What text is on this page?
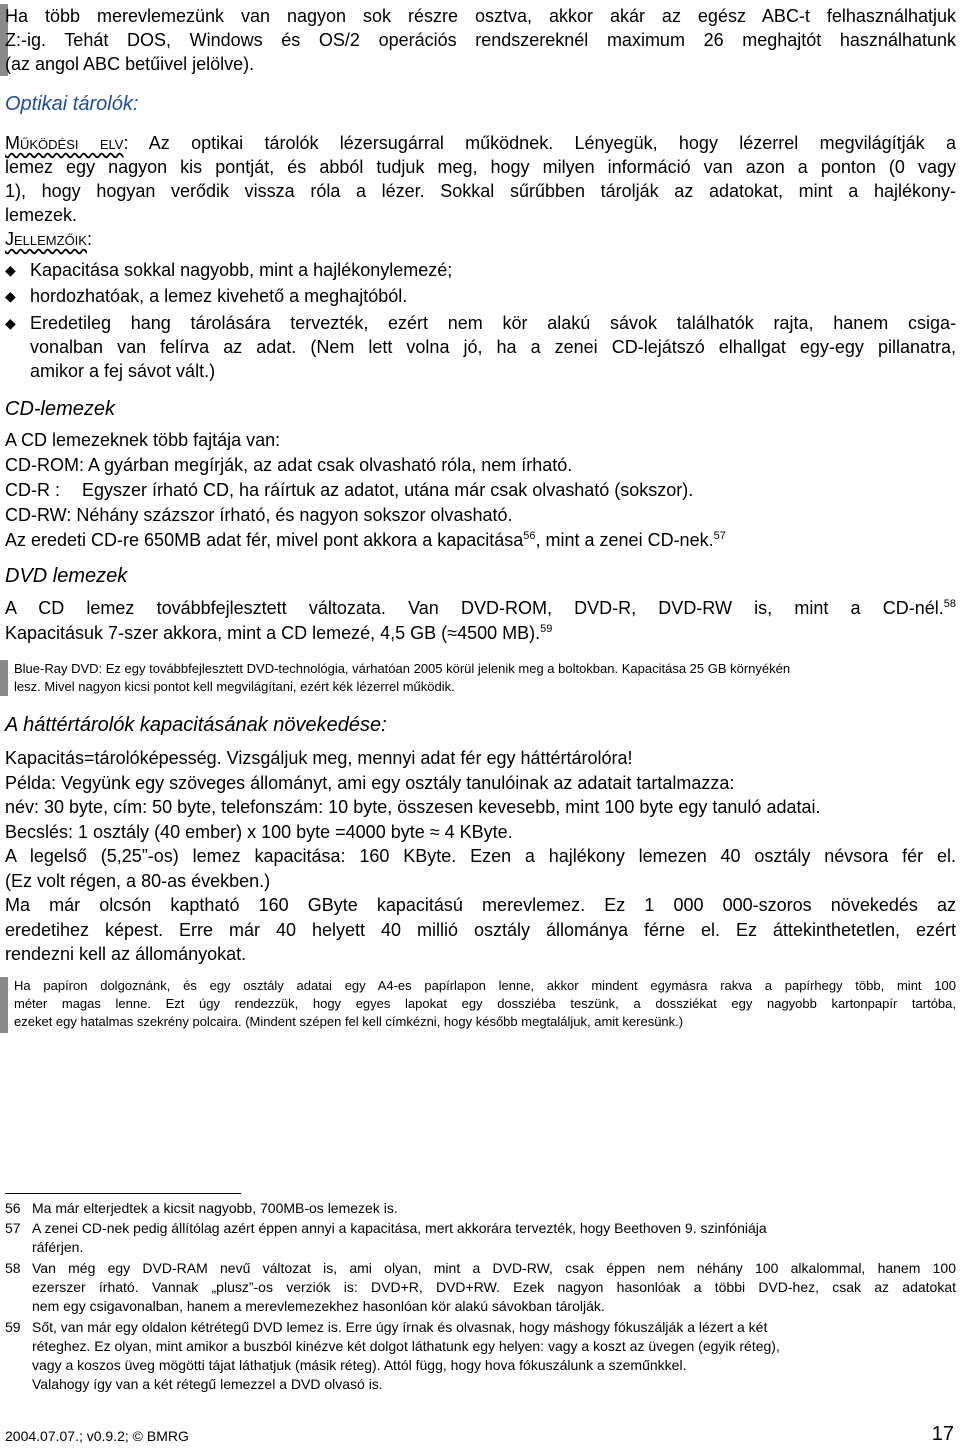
Ha több merevlemezünk van nagyon sok részre osztva, akkor akár az egész ABC-t felhasználhatjuk
Z:-ig. Tehát DOS, Windows és OS/2 operációs rendszereknél maximum 26 meghajtót használhatunk
(az angol ABC betűivel jelölve).
Optikai tárolók:
Működési elv: Az optikai tárolók lézersugárral működnek. Lényegük, hogy lézerrel megvilágítják a
lemez egy nagyon kis pontját, és abból tudjuk meg, hogy milyen információ van azon a ponton (0 vagy
1), hogy hogyan verődik vissza róla a lézer. Sokkal sűrűbben tárolják az adatokat, mint a hajlékony-
lemezek.
Jellemzőik:
◆ Kapacitása sokkal nagyobb, mint a hajlékonylemezé;
◆ hordozhatóak, a lemez kivehető a meghajtóból.
◆ Eredetileg hang tárolására tervezték, ezért nem kör alakú sávok találhatók rajta, hanem csiga-
vonalban van felírva az adat. (Nem lett volna jó, ha a zenei CD-lejátszó elhallgat egy-egy pillanatra,
amikor a fej sávot vált.)
CD-lemezek
A CD lemezeknek több fajtája van:
CD-ROM: A gyárban megírják, az adat csak olvasható róla, nem írható.
CD-R : Egyszer írható CD, ha ráírtuk az adatot, utána már csak olvasható (sokszor).
CD-RW: Néhány százszor írható, és nagyon sokszor olvasható.
Az eredeti CD-re 650MB adat fér, mivel pont akkora a kapacitása$^{56}$, mint a zenei CD-nek.$^{57}$
DVD lemezek
A CD lemez továbbfejlesztett változata. Van DVD-ROM, DVD-R, DVD-RW is, mint a CD-nél.$^{58}$
Kapacitásuk 7-szer akkora, mint a CD lemezé, 4,5 GB (≈4500 MB).$^{59}$
Blue-Ray DVD: Ez egy továbbfejlesztett DVD-technológia, várhatóan 2005 körül jelenik meg a boltokban. Kapacitása 25 GB környékén
lesz. Mivel nagyon kicsi pontot kell megvilágítani, ezért kék lézerrel működik.
A háttértárolók kapacitásának növekedése:
Kapacitás=tárolóképesség. Vizsgáljuk meg, mennyi adat fér egy háttértárolóra!
Példa: Vegyünk egy szöveges állományt, ami egy osztály tanulóinak az adatait tartalmazza:
név: 30 byte, cím: 50 byte, telefonszám: 10 byte, összesen kevesebb, mint 100 byte egy tanuló adatai.
Becslés: 1 osztály (40 ember) x 100 byte =4000 byte ≈ 4 KByte.
A legelső (5,25”-os) lemez kapacitása: 160 KByte. Ezen a hajlékony lemezen 40 osztály névsora fér el.
(Ez volt régen, a 80-as években.)
Ma már olcsón kaptható 160 GByte kapacitású merevlemez. Ez 1 000 000-szoros növekedés az
eredetihez képest. Erre már 40 helyett 40 millió osztály állománya férne el. Ez áttekinthetetlen, ezért
rendezni kell az állományokat.
Ha papíron dolgoznánk, és egy osztály adatai egy A4-es papírlapon lenne, akkor mindent egymásra rakva a papírhegy több, mint 100
méter magas lenne. Ezt úgy rendezzük, hogy egyes lapokat egy dossziéba teszünk, a dossziékat egy nagyobb kartonpapír tartóba,
ezeket egy hatalmas szekrény polcaira. (Mindent szépen fel kell címkézni, hogy később megtaláljuk, amit keresünk.)
56 Ma már elterjedtek a kicsit nagyobb, 700MB-os lemezek is.
57 A zenei CD-nek pedig állítólag azért éppen annyi a kapacitása, mert akkorára tervezték, hogy Beethoven 9. szinfóniája
ráférjen.
58 Van még egy DVD-RAM nevű változat is, ami olyan, mint a DVD-RW, csak éppen nem néhány 100 alkalommal, hanem 100
ezerszer írható. Vannak „plusz”-os verziók is: DVD+R, DVD+RW. Ezek nagyon hasonlóak a többi DVD-hez, csak az adatokat
nem egy csigavonalban, hanem a merevlemezekhez hasonlóan kör alakú sávokban tárolják.
59 Sőt, van már egy oldalon kétrétegű DVD lemez is. Erre úgy írnak és olvasnak, hogy máshogy fókuszálják a lézert a két
réteghez. Ez olyan, mint amikor a buszból kinézve két dolgot láthatunk egy helyen: vagy a koszt az üvegen (egyik réteg),
vagy a koszos üveg mögötti tájat láthatjuk (másik réteg). Attól függ, hogy hova fókuszálunk a szeműnkkel.
Valahogy így van a két rétegű lemezzel a DVD olvasó is.
2004.07.07.; v0.9.2; © BMRG	17
